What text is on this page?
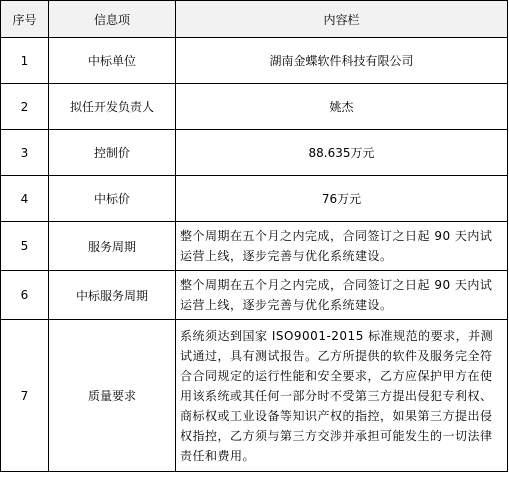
序号	信息项	内容栏
1	中标单位	湖南金蝶软件科技有限公司
2	拟任开发负责人	姚杰
3	控制价	88.635万元
4	中标价	76万元
5	服务周期	整个周期在五个月之内完成，合同签订之日起 90 天内试运营上线，逐步完善与优化系统建设。
6	中标服务周期	整个周期在五个月之内完成，合同签订之日起 90 天内试运营上线，逐步完善与优化系统建设。
7	质量要求	系统须达到国家 ISO9001-2015 标准规范的要求，并测试通过，具有测试报告。乙方所提供的软件及服务完全符合合同规定的运行性能和安全要求，乙方应保护甲方在使用该系统或其任何一部分时不受第三方提出侵犯专利权、商标权或工业设备等知识产权的指控，如果第三方提出侵权指控，乙方须与第三方交涉并承担可能发生的一切法律责任和费用。
